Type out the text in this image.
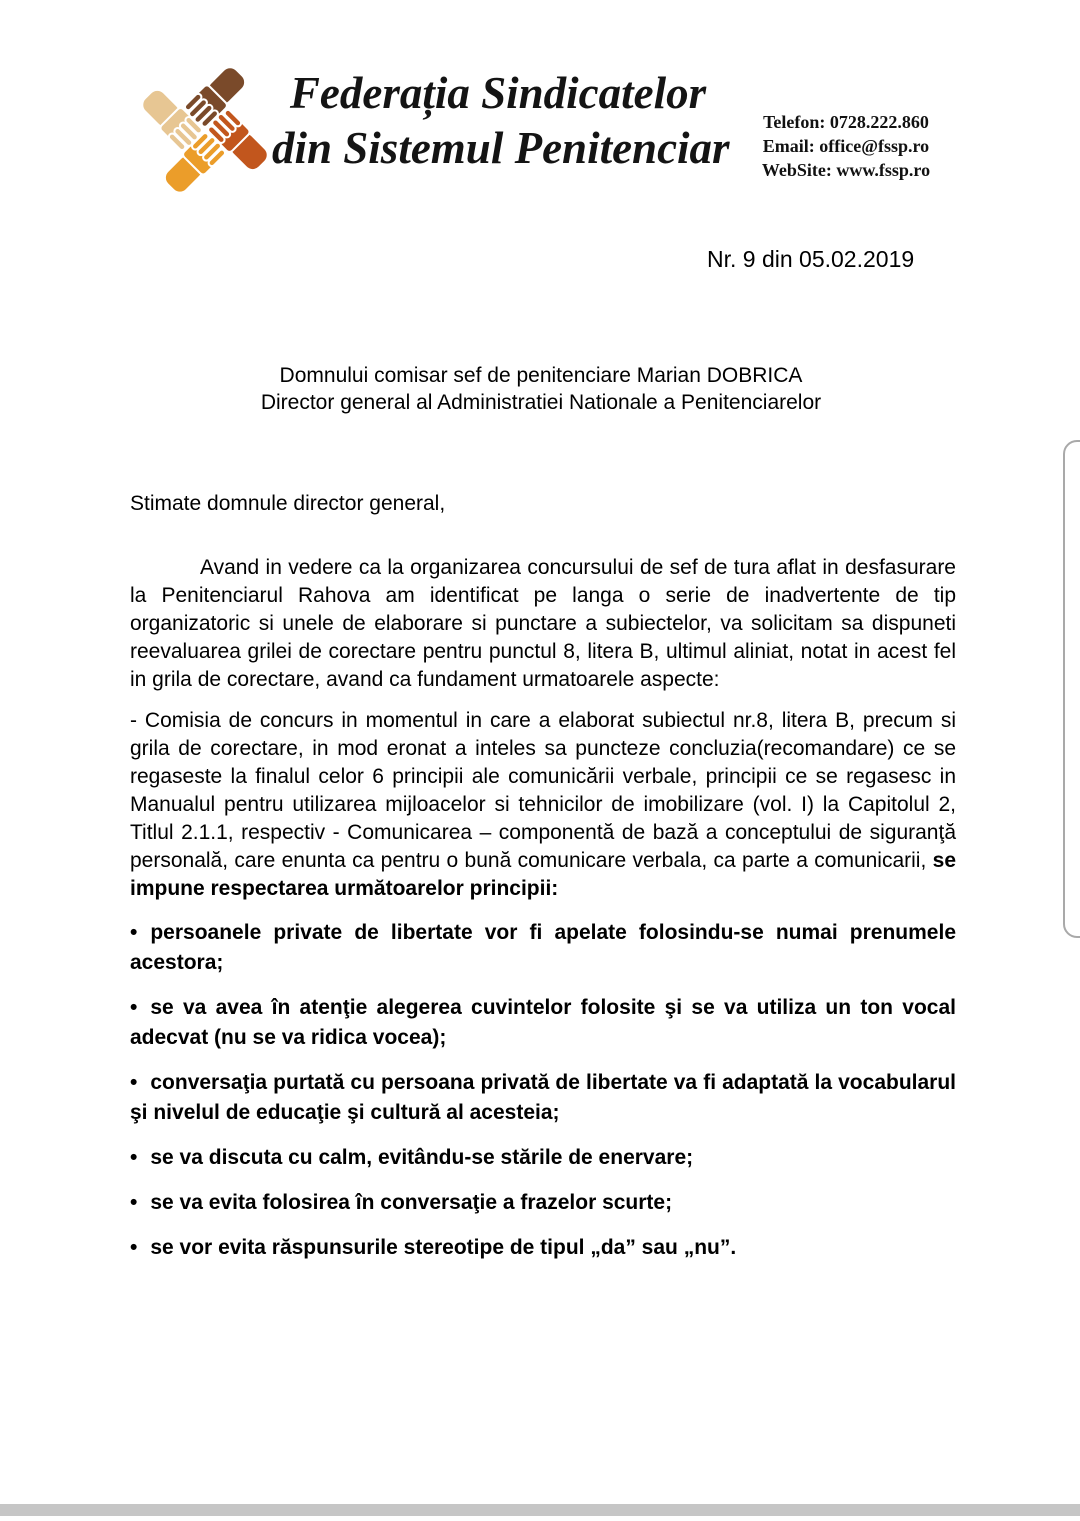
Federația Sindicatelor
din Sistemul Penitenciar
Telefon: 0728.222.860
Email: office@fssp.ro
WebSite: www.fssp.ro
Nr. 9 din 05.02.2019
Domnului comisar sef de penitenciare Marian DOBRICA
Director general al Administratiei Nationale a Penitenciarelor

Stimate domnule director general,

Avand in vedere ca la organizarea concursului de sef de tura aflat in desfasurare la Penitenciarul Rahova am identificat pe langa o serie de inadvertente de tip organizatoric si unele de elaborare si punctare a subiectelor, va solicitam sa dispuneti reevaluarea grilei de corectare pentru punctul 8, litera B, ultimul aliniat, notat in acest fel in grila de corectare, avand ca fundament urmatoarele aspecte:

- Comisia de concurs in momentul in care a elaborat subiectul nr.8, litera B, precum si grila de corectare, in mod eronat a inteles sa puncteze concluzia(recomandare) ce se regaseste la finalul celor 6 principii ale comunicării verbale, principii ce se regasesc in Manualul pentru utilizarea mijloacelor si tehnicilor de imobilizare (vol. I) la Capitolul 2, Titlul 2.1.1, respectiv - Comunicarea – componentă de bază a conceptului de siguranţă personală, care enunta ca pentru o bună comunicare verbala, ca parte a comunicarii, se impune respectarea următoarelor principii:

• persoanele private de libertate vor fi apelate folosindu-se numai prenumele acestora;

• se va avea în atenţie alegerea cuvintelor folosite şi se va utiliza un ton vocal adecvat (nu se va ridica vocea);

• conversaţia purtată cu persoana privată de libertate va fi adaptată la vocabularul şi nivelul de educaţie şi cultură al acesteia;

• se va discuta cu calm, evitându-se stările de enervare;

• se va evita folosirea în conversaţie a frazelor scurte;

• se vor evita răspunsurile stereotipe de tipul „da” sau „nu”.
